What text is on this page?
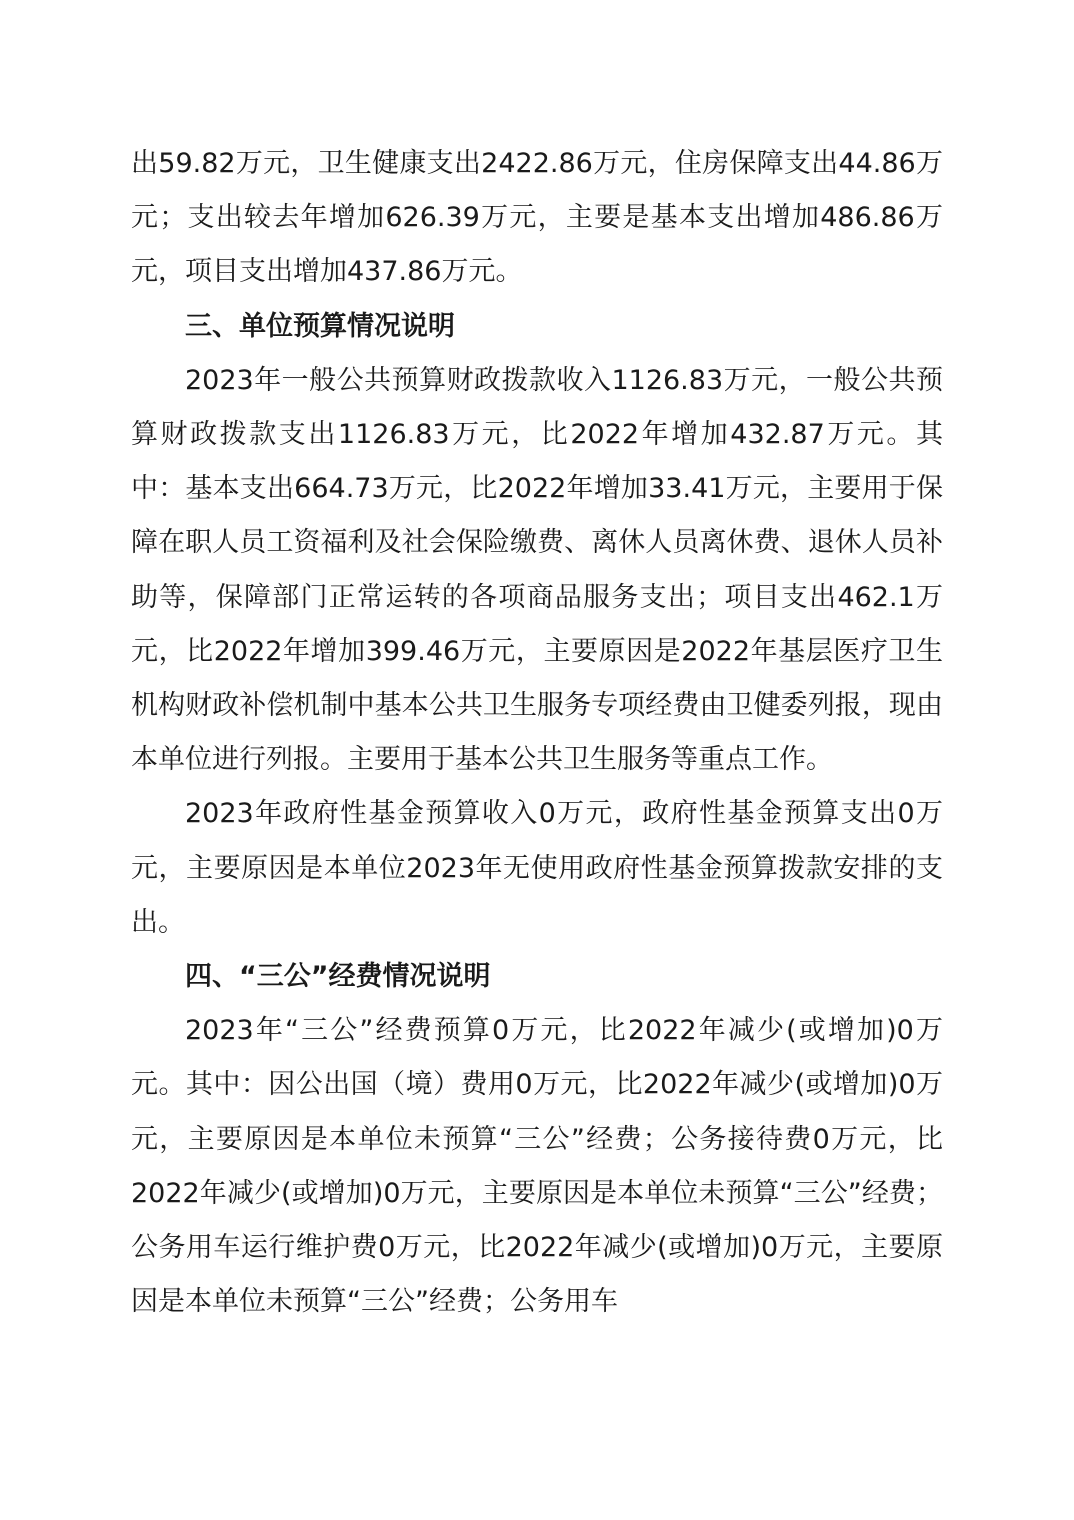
出59.82万元，卫生健康支出2422.86万元，住房保障支出44.86万元；支出较去年增加626.39万元，主要是基本支出增加486.86万元，项目支出增加437.86万元。

三、单位预算情况说明

2023年一般公共预算财政拨款收入1126.83万元，一般公共预算财政拨款支出1126.83万元，比2022年增加432.87万元。其中：基本支出664.73万元，比2022年增加33.41万元，主要用于保障在职人员工资福利及社会保险缴费、离休人员离休费、退休人员补助等，保障部门正常运转的各项商品服务支出；项目支出462.1万元，比2022年增加399.46万元，主要原因是2022年基层医疗卫生机构财政补偿机制中基本公共卫生服务专项经费由卫健委列报，现由本单位进行列报。主要用于基本公共卫生服务等重点工作。

2023年政府性基金预算收入0万元，政府性基金预算支出0万元，主要原因是本单位2023年无使用政府性基金预算拨款安排的支出。

四、“三公”经费情况说明

2023年“三公”经费预算0万元，比2022年减少(或增加)0万元。其中：因公出国（境）费用0万元，比2022年减少(或增加)0万元，主要原因是本单位未预算“三公”经费；公务接待费0万元，比2022年减少(或增加)0万元，主要原因是本单位未预算“三公”经费；公务用车运行维护费0万元，比2022年减少(或增加)0万元，主要原因是本单位未预算“三公”经费；公务用车
